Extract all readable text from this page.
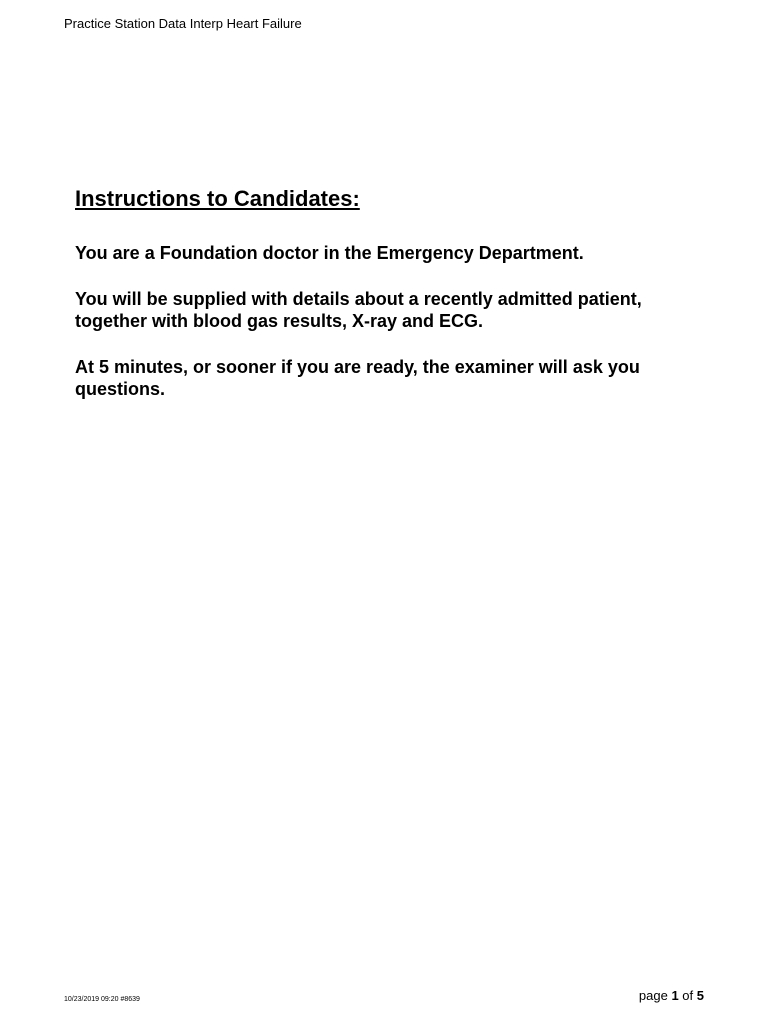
Practice Station Data Interp Heart Failure
Instructions to Candidates:
You are a Foundation doctor in the Emergency Department.
You will be supplied with details about a recently admitted patient, together with blood gas results, X-ray and ECG.
At 5 minutes, or sooner if you are ready, the examiner will ask you questions.
10/23/2019 09:20 #8639	page 1 of 5
